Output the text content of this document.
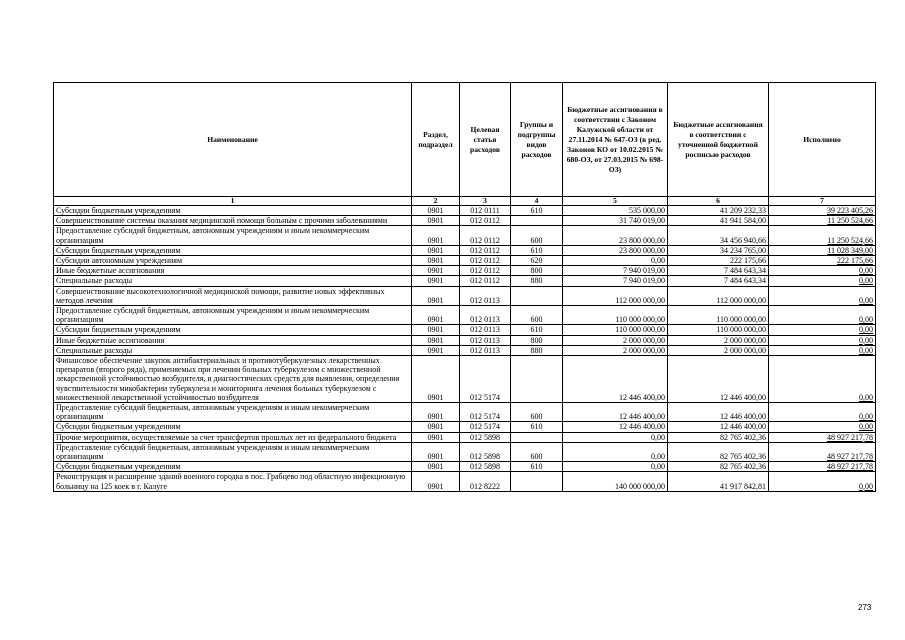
Наименование	Раздел, подраздел	Целевая статья расходов	Группы и подгруппы видов расходов	Бюджетные ассигнования в соответствии с Законом Калужской области от 27.11.2014 № 647-ОЗ (в ред. Законов КО от 10.02.2015 № 680-ОЗ, от 27.03.2015 № 698-ОЗ)	Бюджетные ассигнования в соответствии с уточненной бюджетной росписью расходов	Исполнено
1	2	3	4	5	6	7
Субсидии бюджетным учреждениям	0901	012 0111	610	535 000,00	41 209 232,33	39 223 405,26
Совершенствование системы оказания медицинской помощи больным с прочими заболеваниями	0901	012 0112		31 740 019,00	41 941 584,00	11 250 524,66
Предоставление субсидий бюджетным, автономным учреждениям и иным некоммерческим организациям	0901	012 0112	600	23 800 000,00	34 456 940,66	11 250 524,66
Субсидии бюджетным учреждениям	0901	012 0112	610	23 800 000,00	34 234 765,00	11 028 349,00
Субсидии автономным учреждениям	0901	012 0112	620	0,00	222 175,66	222 175,66
Иные бюджетные ассигнования	0901	012 0112	800	7 940 019,00	7 484 643,34	0,00
Специальные расходы	0901	012 0112	880	7 940 019,00	7 484 643,34	0,00
Совершенствование высокотехнологичной медицинской помощи, развитие новых эффективных методов лечения	0901	012 0113		112 000 000,00	112 000 000,00	0,00
Предоставление субсидий бюджетным, автономным учреждениям и иным некоммерческим организациям	0901	012 0113	600	110 000 000,00	110 000 000,00	0,00
Субсидии бюджетным учреждениям	0901	012 0113	610	110 000 000,00	110 000 000,00	0,00
Иные бюджетные ассигнования	0901	012 0113	800	2 000 000,00	2 000 000,00	0,00
Специальные расходы	0901	012 0113	880	2 000 000,00	2 000 000,00	0,00
Финансовое обеспечение закупок антибактериальных и противотуберкулезных лекарственных препаратов (второго ряда), применяемых при лечении больных туберкулезом с множественной лекарственной устойчивостью возбудителя, и диагностических средств для выявления, определения чувствительности микобактерии туберкулеза и мониторинга лечения больных туберкулезом с множественной лекарственной устойчивостью возбудителя	0901	012 5174		12 446 400,00	12 446 400,00	0,00
Предоставление субсидий бюджетным, автономным учреждениям и иным некоммерческим организациям	0901	012 5174	600	12 446 400,00	12 446 400,00	0,00
Субсидии бюджетным учреждениям	0901	012 5174	610	12 446 400,00	12 446 400,00	0,00
Прочие мероприятия, осуществляемые за счет трансфертов прошлых лет из федерального бюджета	0901	012 5898		0,00	82 765 402,36	48 927 217,78
Предоставление субсидий бюджетным, автономным учреждениям и иным некоммерческим организациям	0901	012 5898	600	0,00	82 765 402,36	48 927 217,78
Субсидии бюджетным учреждениям	0901	012 5898	610	0,00	82 765 402,36	48 927 217,78
Реконструкция и расширение зданий военного городка в пос. Грабцево под областную инфекционную больницу на 125 коек в г. Калуге	0901	012 8222		140 000 000,00	41 917 842,81	0,00
273
